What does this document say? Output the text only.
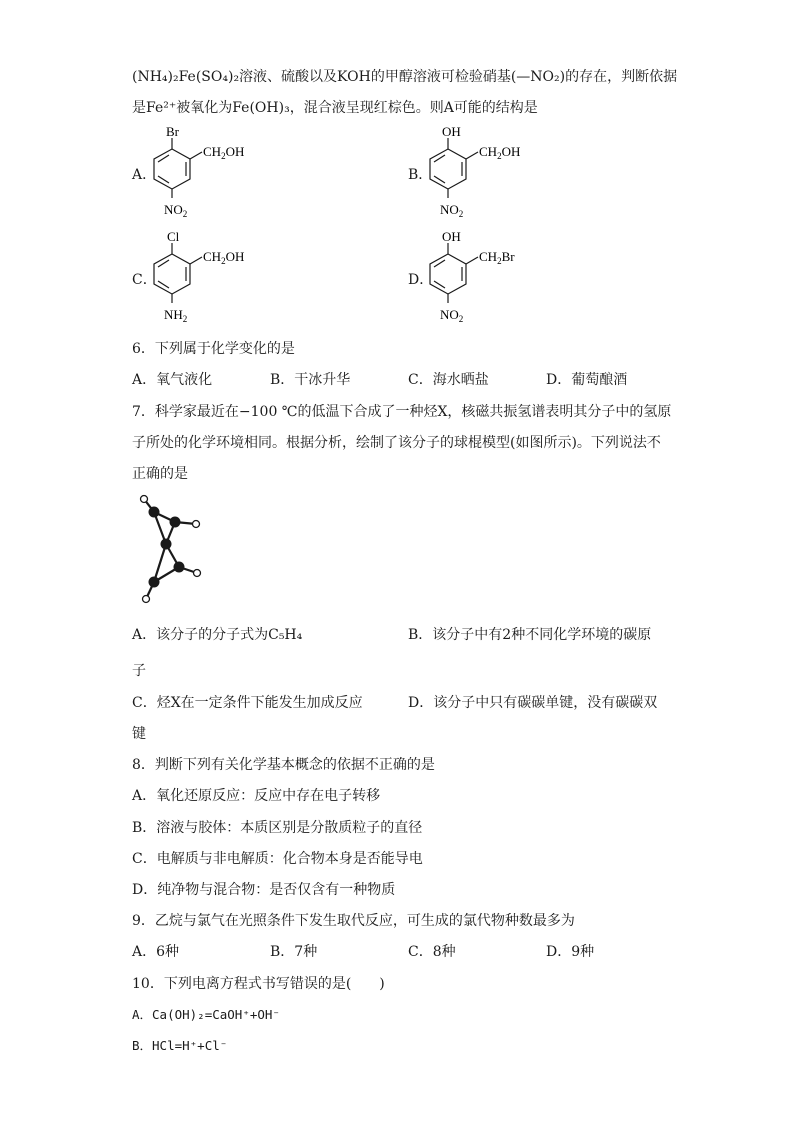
(NH₄)₂Fe(SO₄)₂溶液、硫酸以及KOH的甲醇溶液可检验硝基(—NO₂)的存在，判断依据
是Fe²⁺被氧化为Fe(OH)₃，混合液呈现红棕色。则A可能的结构是
A．
Br
$CH_2OH$
$NO_2$
B．
OH
$CH_2OH$
$NO_2$
C．
Cl
$CH_2OH$
$NH_2$
D．
OH
$CH_2Br$
$NO_2$
6．下列属于化学变化的是
A．氧气液化	B．干冰升华	C．海水晒盐	D．葡萄酿酒
7．科学家最近在−100 ℃的低温下合成了一种烃X，核磁共振氢谱表明其分子中的氢原
子所处的化学环境相同。根据分析，绘制了该分子的球棍模型(如图所示)。下列说法不
正确的是
A．该分子的分子式为C₅H₄	B．该分子中有2种不同化学环境的碳原
子
C．烃X在一定条件下能发生加成反应	D．该分子中只有碳碳单键，没有碳碳双
键
8．判断下列有关化学基本概念的依据不正确的是
A．氧化还原反应：反应中存在电子转移
B．溶液与胶体：本质区别是分散质粒子的直径
C．电解质与非电解质：化合物本身是否能导电
D．纯净物与混合物：是否仅含有一种物质
9．乙烷与氯气在光照条件下发生取代反应，可生成的氯代物种数最多为
A．6种	B．7种	C．8种	D．9种
10．下列电离方程式书写错误的是(　　)
A．Ca(OH)₂=CaOH⁺+OH⁻
B．HCl=H⁺+Cl⁻
